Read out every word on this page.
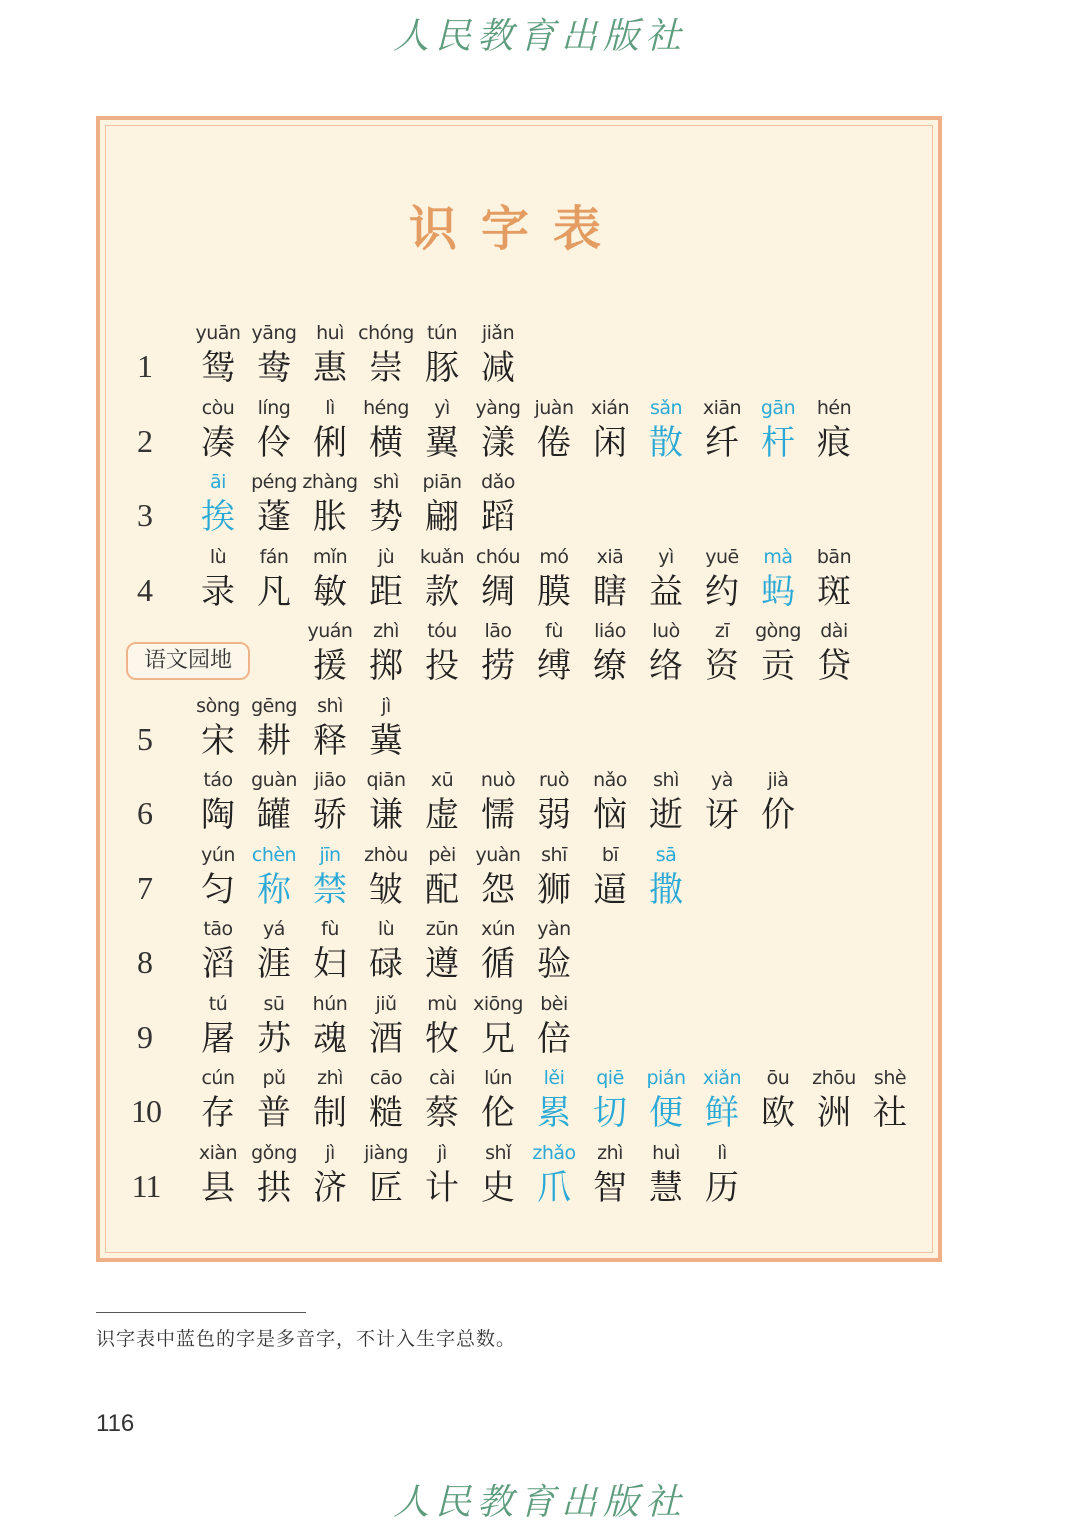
人民教育出版社
识字表
1
yuān
鸳
yāng
鸯
huì
惠
chóng
崇
tún
豚
jiǎn
减
2
còu
凑
líng
伶
lì
俐
héng
横
yì
翼
yàng
漾
juàn
倦
xián
闲
sǎn
散
xiān
纤
gān
杆
hén
痕
3
āi
挨
péng
蓬
zhàng
胀
shì
势
piān
翩
dǎo
蹈
4
lù
录
fán
凡
mǐn
敏
jù
距
kuǎn
款
chóu
绸
mó
膜
xiā
瞎
yì
益
yuē
约
mà
蚂
bān
斑
语文园地
yuán
援
zhì
掷
tóu
投
lāo
捞
fù
缚
liáo
缭
luò
络
zī
资
gòng
贡
dài
贷
5
sòng
宋
gēng
耕
shì
释
jì
冀
6
táo
陶
guàn
罐
jiāo
骄
qiān
谦
xū
虚
nuò
懦
ruò
弱
nǎo
恼
shì
逝
yà
讶
jià
价
7
yún
匀
chèn
称
jīn
禁
zhòu
皱
pèi
配
yuàn
怨
shī
狮
bī
逼
sā
撒
8
tāo
滔
yá
涯
fù
妇
lù
碌
zūn
遵
xún
循
yàn
验
9
tú
屠
sū
苏
hún
魂
jiǔ
酒
mù
牧
xiōng
兄
bèi
倍
10
cún
存
pǔ
普
zhì
制
cāo
糙
cài
蔡
lún
伦
lěi
累
qiē
切
pián
便
xiǎn
鲜
ōu
欧
zhōu
洲
shè
社
11
xiàn
县
gǒng
拱
jì
济
jiàng
匠
jì
计
shǐ
史
zhǎo
爪
zhì
智
huì
慧
lì
历
识字表中蓝色的字是多音字，不计入生字总数。
116
人民教育出版社
